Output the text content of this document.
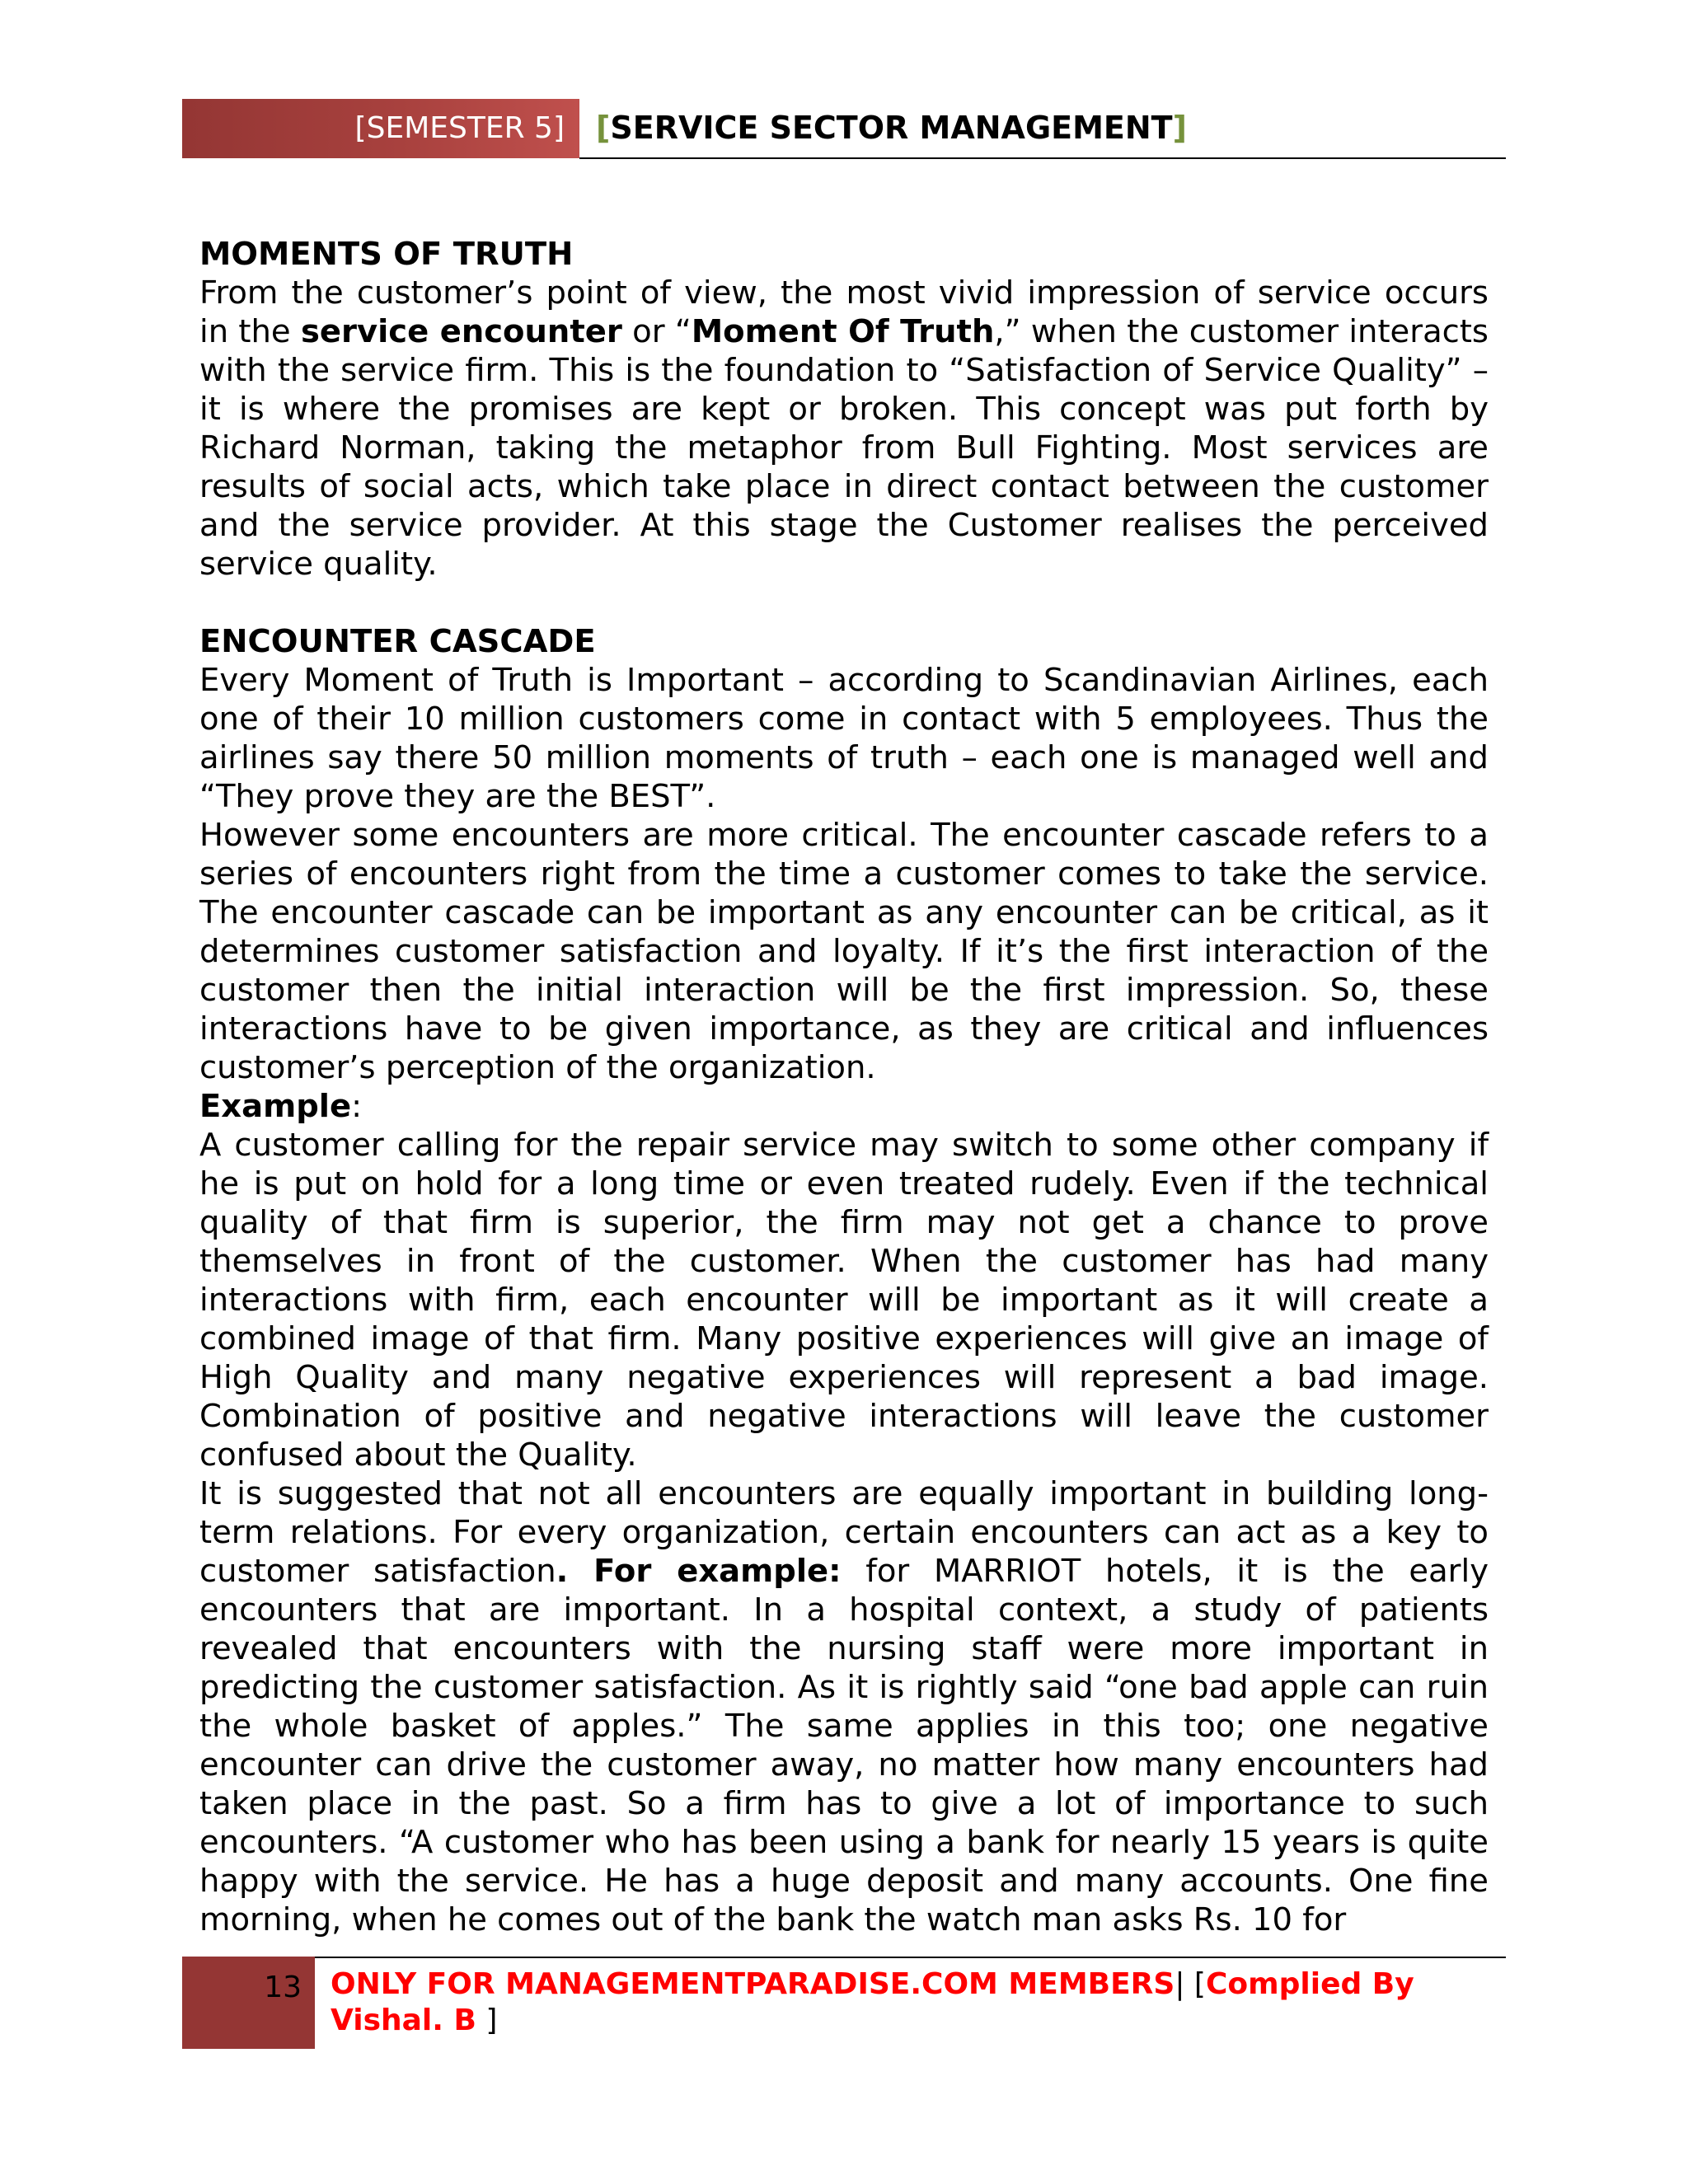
[SEMESTER 5] [SERVICE SECTOR MANAGEMENT]
MOMENTS OF TRUTH

From the customer’s point of view, the most vivid impression of service occurs in the service encounter or “Moment Of Truth,” when the customer interacts with the service firm. This is the foundation to “Satisfaction of Service Quality” – it is where the promises are kept or broken. This concept was put forth by Richard Norman, taking the metaphor from Bull Fighting. Most services are results of social acts, which take place in direct contact between the customer and the service provider. At this stage the Customer realises the perceived service quality.

ENCOUNTER CASCADE

Every Moment of Truth is Important – according to Scandinavian Airlines, each one of their 10 million customers come in contact with 5 employees. Thus the airlines say there 50 million moments of truth – each one is managed well and “They prove they are the BEST”.

However some encounters are more critical. The encounter cascade refers to a series of encounters right from the time a customer comes to take the service. The encounter cascade can be important as any encounter can be critical, as it determines customer satisfaction and loyalty. If it’s the first interaction of the customer then the initial interaction will be the first impression. So, these interactions have to be given importance, as they are critical and influences customer’s perception of the organization.

Example:

A customer calling for the repair service may switch to some other company if he is put on hold for a long time or even treated rudely. Even if the technical quality of that firm is superior, the firm may not get a chance to prove themselves in front of the customer. When the customer has had many interactions with firm, each encounter will be important as it will create a combined image of that firm. Many positive experiences will give an image of High Quality and many negative experiences will represent a bad image. Combination of positive and negative interactions will leave the customer confused about the Quality.

It is suggested that not all encounters are equally important in building long-term relations. For every organization, certain encounters can act as a key to customer satisfaction. For example: for MARRIOT hotels, it is the early encounters that are important. In a hospital context, a study of patients revealed that encounters with the nursing staff were more important in predicting the customer satisfaction. As it is rightly said “one bad apple can ruin the whole basket of apples.” The same applies in this too; one negative encounter can drive the customer away, no matter how many encounters had taken place in the past. So a firm has to give a lot of importance to such encounters. “A customer who has been using a bank for nearly 15 years is quite happy with the service. He has a huge deposit and many accounts. One fine morning, when he comes out of the bank the watch man asks Rs. 10 for

13 ONLY FOR MANAGEMENTPARADISE.COM MEMBERS| [Complied By Vishal. B ]
